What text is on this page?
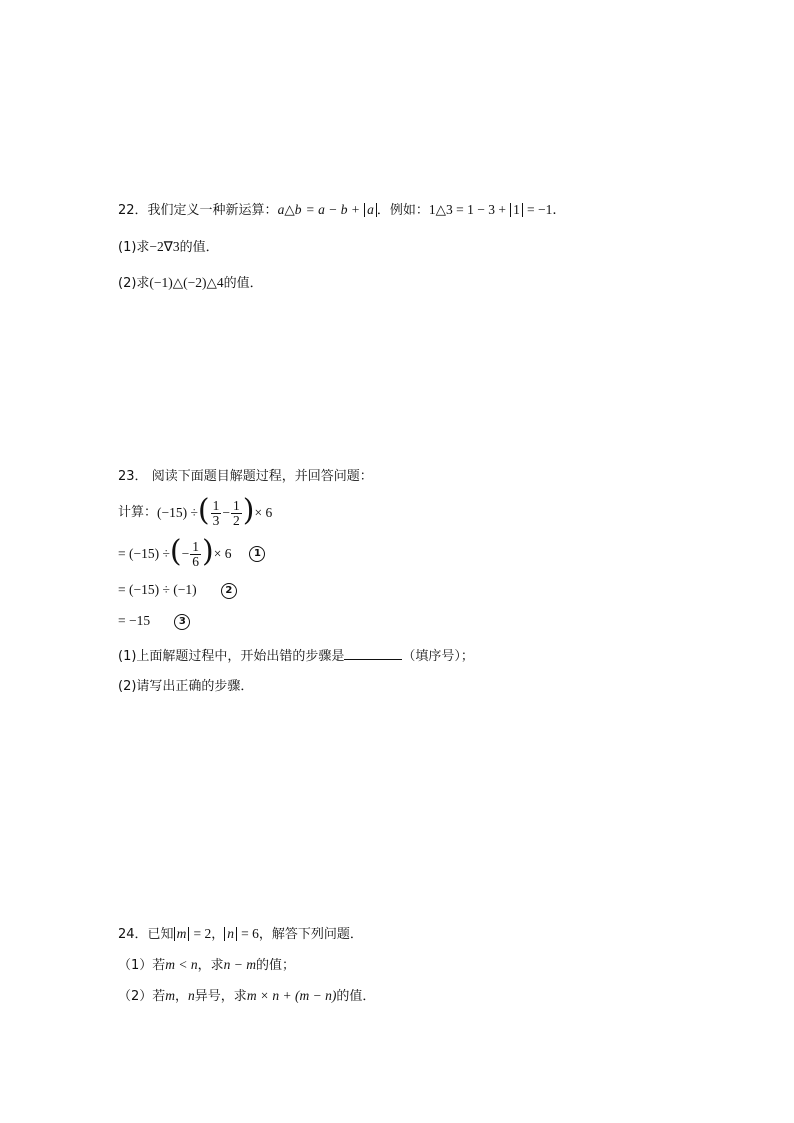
22．我们定义一种新运算：a△b = a − b + a ．例如：1△3 = 1 − 3 + 1 = −1．
(1)求−2∇3的值．
(2)求(−1)△(−2)△4的值．
23． 阅读下面题目解题过程，并回答问题：
计算： (−15) ÷ ( $\frac{1}{3} - \frac{1}{2}$ ) × 6
= (−15) ÷ ( − $\frac{1}{6}$ ) × 6	1
= (−15) ÷ (−1)	2
= −15	3
(1)上面解题过程中，开始出错的步骤是	（填序号）；
(2)请写出正确的步骤．
24．已知 m = 2， n = 6，解答下列问题．
（1）若m < n，求n − m的值；
（2）若m，n异号，求m × n + (m − n)的值．
